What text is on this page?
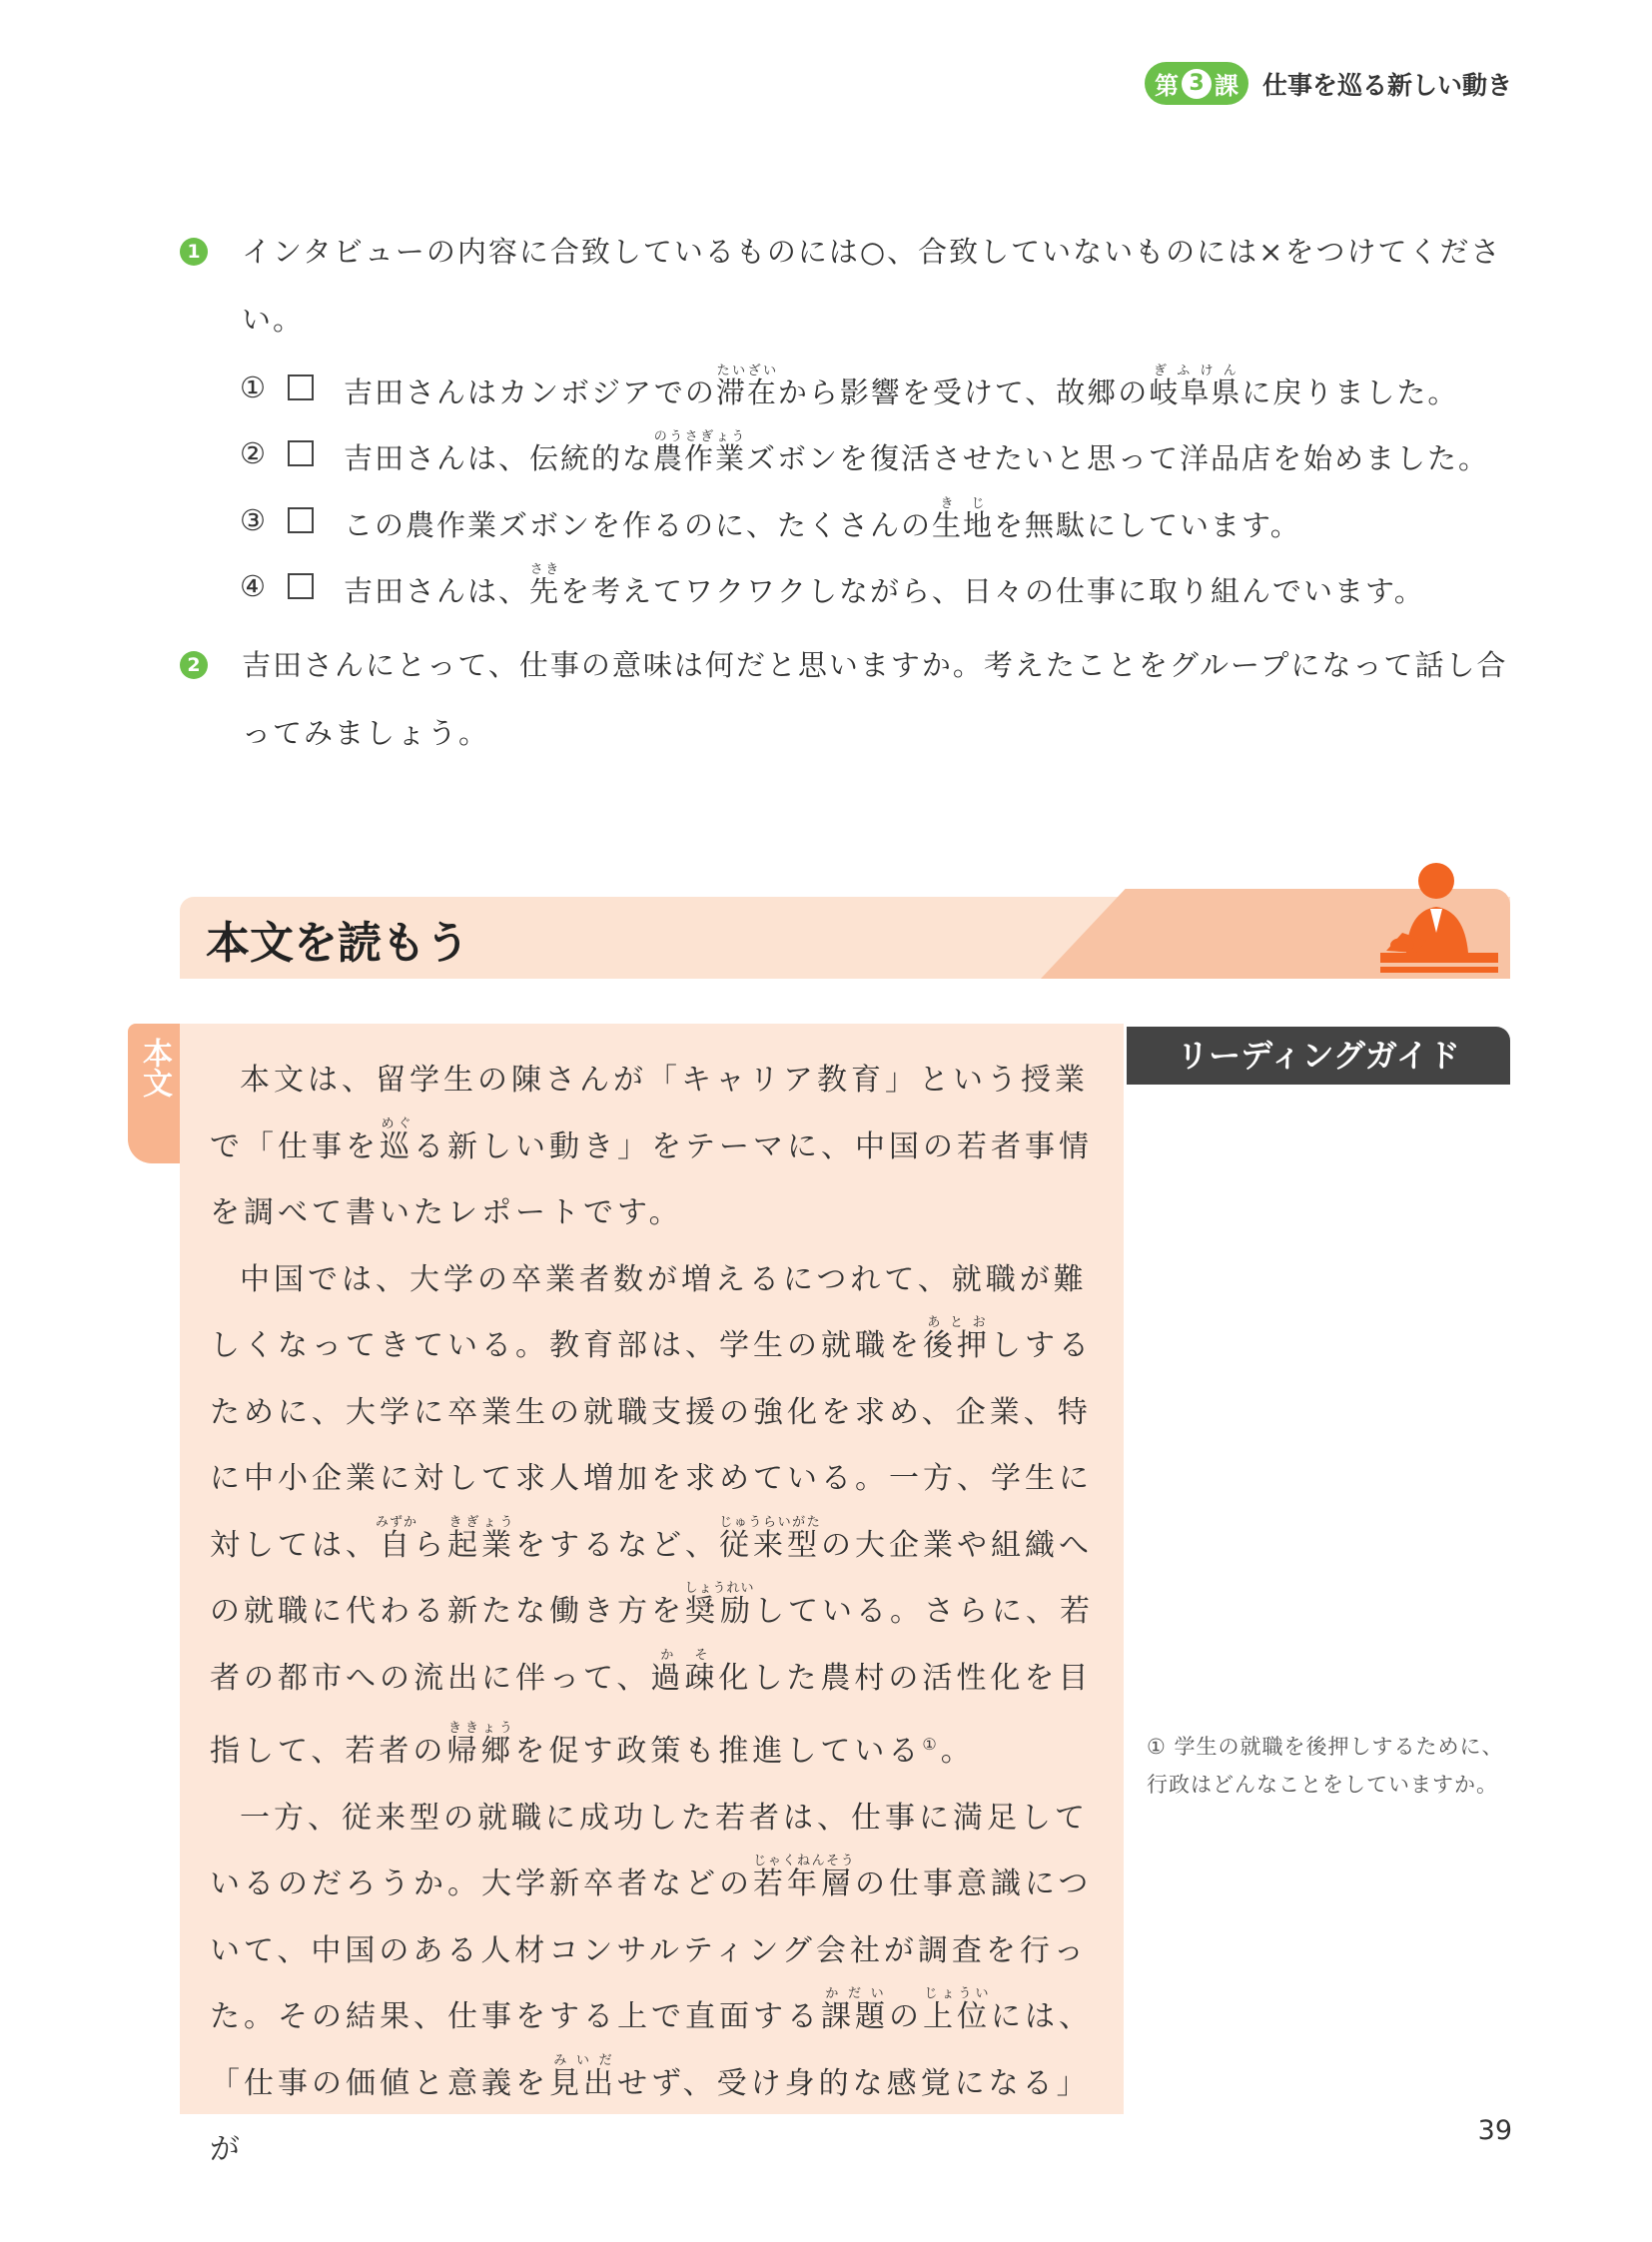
第 3 課 仕事を巡る新しい動き
1 インタビューの内容に合致しているものには○、合致していないものには×をつけてください。
①	吉田さんはカンボジアでの滞在たいざいから影響を受けて、故郷の岐阜県ぎふけんに戻りました。
②	吉田さんは、伝統的な農作業のうさぎょうズボンを復活させたいと思って洋品店を始めました。
③	この農作業ズボンを作るのに、たくさんの生地きじを無駄にしています。
④	吉田さんは、先さきを考えてワクワクしながら、日々の仕事に取り組んでいます。
2 吉田さんにとって、仕事の意味は何だと思いますか。考えたことをグループになって話し合ってみましょう。
本文を読もう
本文	本文は、留学生の陳さんが「キャリア教育」という授業で「仕事を巡めぐる新しい動き」をテーマに、中国の若者事情を調べて書いたレポートです。

中国では、大学の卒業者数が増えるにつれて、就職が難しくなってきている。教育部は、学生の就職を後押あとおしするために、大学に卒業生の就職支援の強化を求め、企業、特に中小企業に対して求人増加を求めている。一方、学生に対しては、自みずから起業きぎょうをするなど、従来型じゅうらいがたの大企業や組織への就職に代わる新たな働き方を奨励しょうれいしている。さらに、若者の都市への流出に伴って、過疎かそ化した農村の活性化を目指して、若者の帰郷ききょうを促す政策も推進している①。

一方、従来型の就職に成功した若者は、仕事に満足しているのだろうか。大学新卒者などの若年層じゃくねんそうの仕事意識について、中国のある人材コンサルティング会社が調査を行った。その結果、仕事をする上で直面する課題かだいの上位じょういには、「仕事の価値と意義を見出みいだせず、受け身的な感覚になる」が

リーディングガイド
① 学生の就職を後押しするために、行政はどんなことをしていますか。
39
